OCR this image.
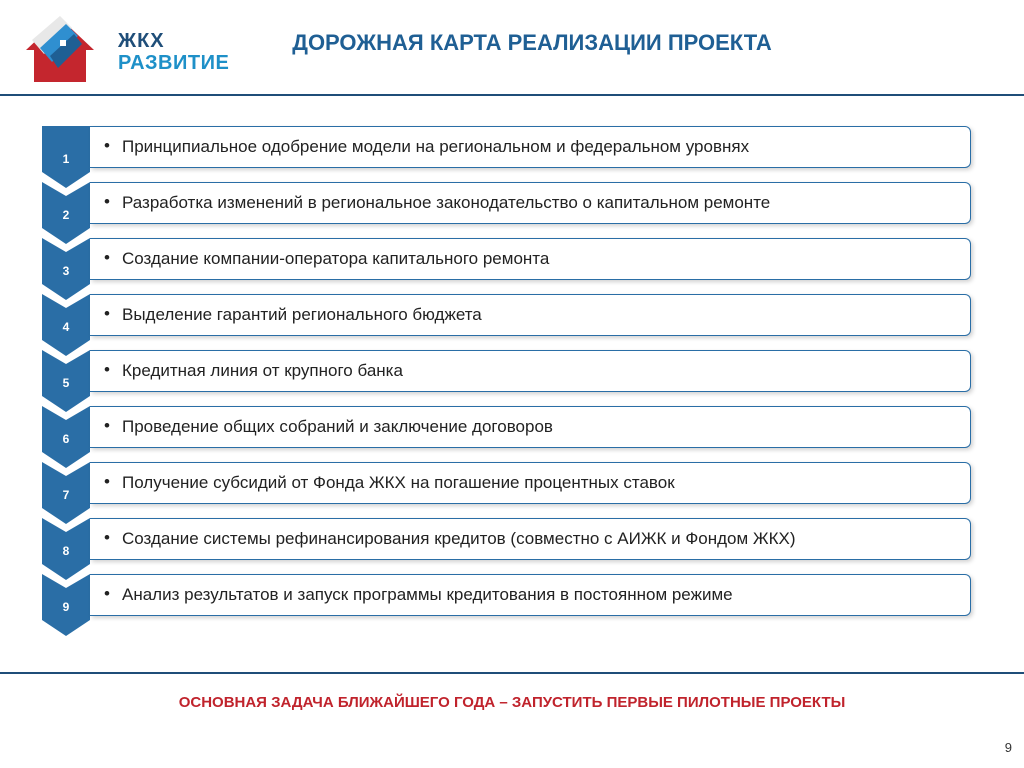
ЖКХ
РАЗВИТИЕ
ДОРОЖНАЯ КАРТА РЕАЛИЗАЦИИ ПРОЕКТА
1
• Принципиальное одобрение модели на региональном и федеральном уровнях
2
• Разработка изменений в региональное законодательство о капитальном ремонте
3
• Создание компании-оператора капитального ремонта
4
• Выделение гарантий регионального бюджета
5
• Кредитная линия от крупного банка
6
• Проведение общих собраний и заключение договоров
7
• Получение субсидий от Фонда ЖКХ на погашение процентных ставок
8
• Создание системы рефинансирования кредитов (совместно с АИЖК и Фондом ЖКХ)
9
• Анализ результатов и запуск программы кредитования в постоянном режиме
ОСНОВНАЯ ЗАДАЧА БЛИЖАЙШЕГО ГОДА – ЗАПУСТИТЬ ПЕРВЫЕ ПИЛОТНЫЕ ПРОЕКТЫ
9
